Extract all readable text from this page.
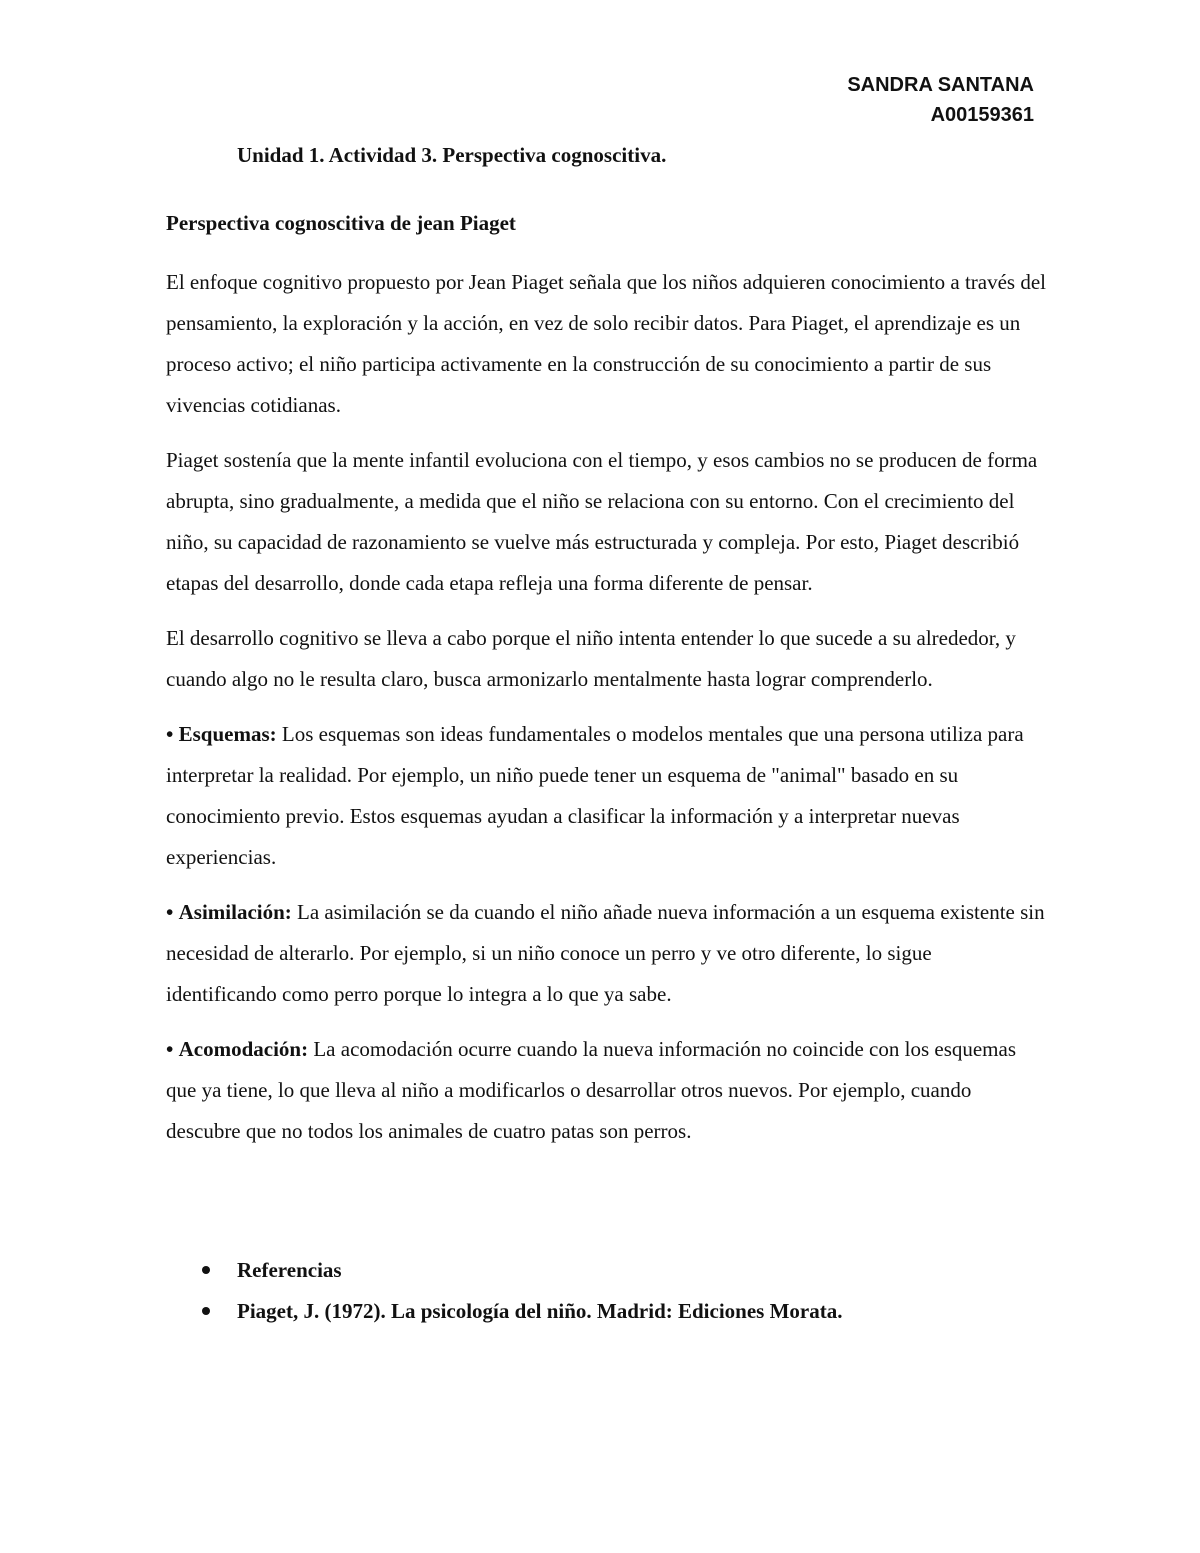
SANDRA SANTANA
A00159361
Unidad 1. Actividad 3. Perspectiva cognoscitiva.
Perspectiva cognoscitiva de jean Piaget

El enfoque cognitivo propuesto por Jean Piaget señala que los niños adquieren conocimiento a través del pensamiento, la exploración y la acción, en vez de solo recibir datos. Para Piaget, el aprendizaje es un proceso activo; el niño participa activamente en la construcción de su conocimiento a partir de sus vivencias cotidianas.

Piaget sostenía que la mente infantil evoluciona con el tiempo, y esos cambios no se producen de forma abrupta, sino gradualmente, a medida que el niño se relaciona con su entorno. Con el crecimiento del niño, su capacidad de razonamiento se vuelve más estructurada y compleja. Por esto, Piaget describió etapas del desarrollo, donde cada etapa refleja una forma diferente de pensar.

El desarrollo cognitivo se lleva a cabo porque el niño intenta entender lo que sucede a su alrededor, y cuando algo no le resulta claro, busca armonizarlo mentalmente hasta lograr comprenderlo.

• Esquemas: Los esquemas son ideas fundamentales o modelos mentales que una persona utiliza para interpretar la realidad. Por ejemplo, un niño puede tener un esquema de "animal" basado en su conocimiento previo. Estos esquemas ayudan a clasificar la información y a interpretar nuevas experiencias.

• Asimilación: La asimilación se da cuando el niño añade nueva información a un esquema existente sin necesidad de alterarlo. Por ejemplo, si un niño conoce un perro y ve otro diferente, lo sigue identificando como perro porque lo integra a lo que ya sabe.

• Acomodación: La acomodación ocurre cuando la nueva información no coincide con los esquemas que ya tiene, lo que lleva al niño a modificarlos o desarrollar otros nuevos. Por ejemplo, cuando descubre que no todos los animales de cuatro patas son perros.

Referencias
Piaget, J. (1972). La psicología del niño. Madrid: Ediciones Morata.
